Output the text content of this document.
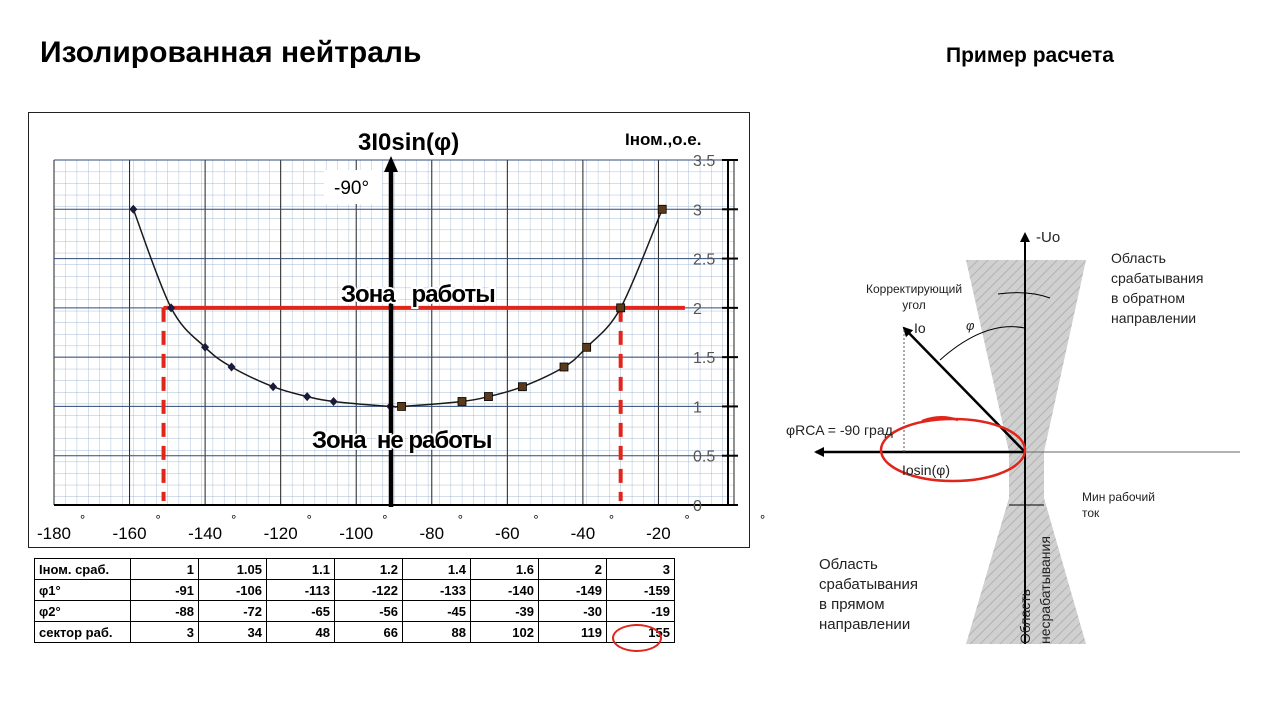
Изолированная нейтраль	Пример расчета
-180 -160 -140 -120 -100	-80	-60	-40	-20
°	°	°	°	°	°	°	°	°	°
0
0.5
1
1.5
2
2.5
3
3.5
-90°
3I0sin(φ)	Iном.,о.е.
Зона   работы
Зона  не работы
Iном. сраб.	1	1.05	1.1	1.2	1.4	1.6	2	3
φ1°	-91	-106	-113	-122	-133	-140	-149	-159
φ2°	-88	-72	-65	-56	-45	-39	-30	-19
сектор раб.	3	34	48	66	88	102	119	155	Область несрабатывания
-Uo
Область
срабатывания
в обратном
направлении
Корректирующий
угол
Io	φ
φRCA = -90 град
Iosin(φ)
Мин рабочий
ток
Область
срабатывания
в прямом
направлении
